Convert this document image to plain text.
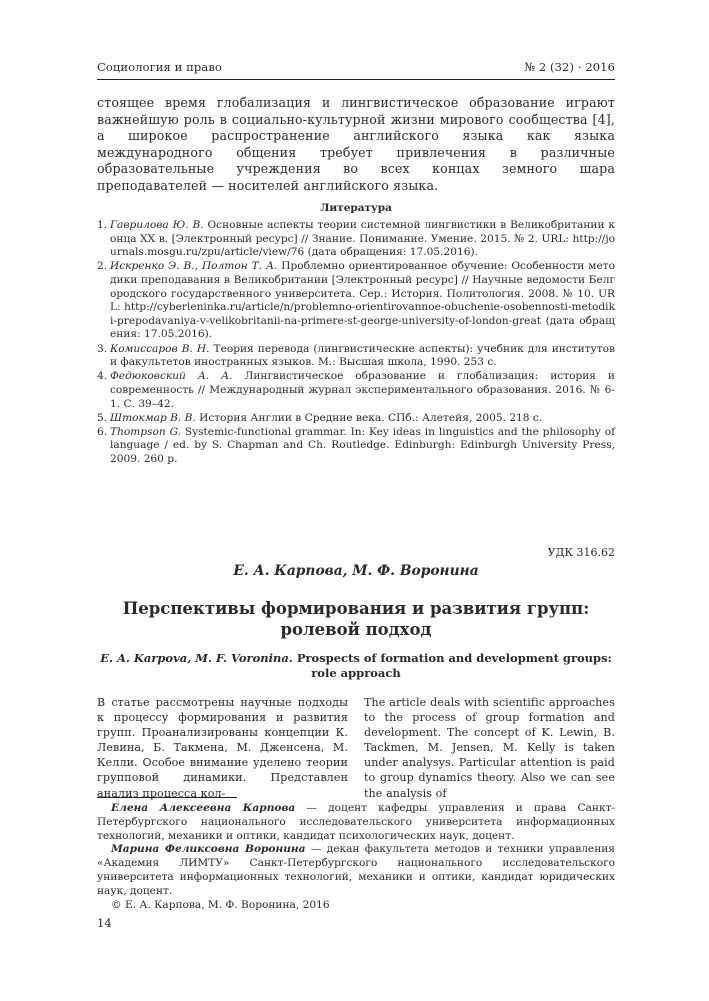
Социология и право	№ 2 (32) · 2016
стоящее время глобализация и лингвистическое образование играют важнейшую роль в социально-культурной жизни мирового сообщества [4], а широкое распространение английского языка как языка международного общения требует привлечения в различные образовательные учреждения во всех концах земного шара преподавателей — носителей английского языка.
Литература
1. Гаврилова Ю. В. Основные аспекты теории системной лингвистики в Великобритании конца XX в. [Электронный ресурс] // Знание. Понимание. Умение. 2015. № 2. URL: http://journals.mosgu.ru/zpu/article/view/76 (дата обращения: 17.05.2016).
2. Искренко Э. В., Полтон Т. А. Проблемно ориентированное обучение: Особенности методики преподавания в Великобритании [Электронный ресурс] // Научные ведомости Белгородского государственного университета. Сер.: История. Политология. 2008. № 10. URL: http://cyberleninka.ru/article/n/problemno-orientirovannoe-obuchenie-osobennosti-metodiki-prepodavaniya-v-velikobritanii-na-primere-st-george-university-of-london-great (дата обращения: 17.05.2016).
3. Комиссаров В. Н. Теория перевода (лингвистические аспекты): учебник для институтов и факультетов иностранных языков. М.: Высшая школа, 1990. 253 с.
4. Федюковский А. А. Лингвистическое образование и глобализация: история и современность // Международный журнал экспериментального образования. 2016. № 6-1. С. 39–42.
5. Штокмар В. В. История Англии в Средние века. СПб.: Алетейя, 2005. 218 с.
6. Thompson G. Systemic-functional grammar. In: Key ideas in linguistics and the philosophy of language / ed. by S. Chapman and Ch. Routledge. Edinburgh: Edinburgh University Press, 2009. 260 p.
УДК 316.62
Е. А. Карпова, М. Ф. Воронина
Перспективы формирования и развития групп:
ролевой подход
E. A. Karpova, M. F. Voronina. Prospects of formation and development groups: role approach
В статье рассмотрены научные подходы к процессу формирования и развития групп. Проанализированы концепции К. Левина, Б. Такмена, М. Дженсена, М. Келли. Особое внимание уделено теории групповой динамики. Представлен анализ процесса кол-
The article deals with scientific approaches to the process of group formation and development. The concept of K. Lewin, B. Tackmen, M. Jensen, M. Kelly is taken under analysys. Particular attention is paid to group dynamics theory. Also we can see the analysis of

Елена Алексеевна Карпова — доцент кафедры управления и права Санкт-Петербургского национального исследовательского университета информационных технологий, механики и оптики, кандидат психологических наук, доцент.

Марина Феликсовна Воронина — декан факультета методов и техники управления «Академия ЛИМТУ» Санкт-Петербургского национального исследовательского университета информационных технологий, механики и оптики, кандидат юридических наук, доцент.

© Е. А. Карпова, М. Ф. Воронина, 2016

14
